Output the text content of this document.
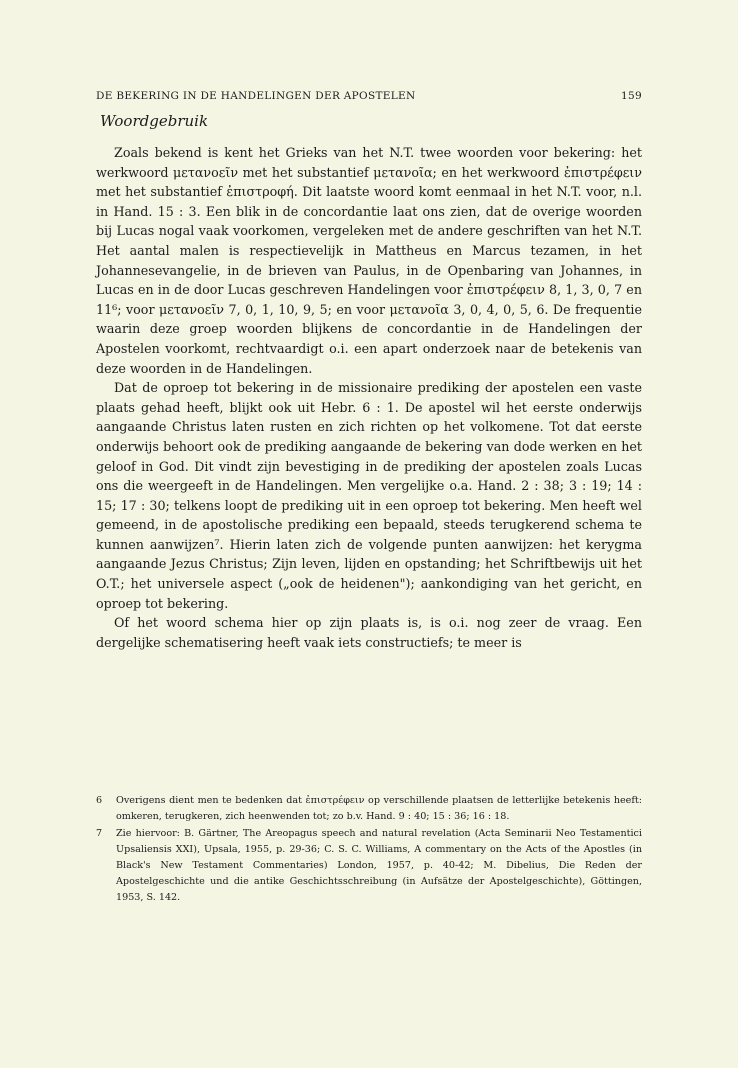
DE BEKERING IN DE HANDELINGEN DER APOSTELEN	159
Woordgebruik

Zoals bekend is kent het Grieks van het N.T. twee woorden voor bekering: het werkwoord μετανοεῖν met het substantief μετανοῖα; en het werkwoord ἐπιστρέφειν met het substantief ἐπιστροφή. Dit laatste woord komt eenmaal in het N.T. voor, n.l. in Hand. 15 : 3. Een blik in de concordantie laat ons zien, dat de overige woorden bij Lucas nogal vaak voorkomen, vergeleken met de andere geschriften van het N.T. Het aantal malen is respectievelijk in Mattheus en Marcus tezamen, in het Johannesevangelie, in de brieven van Paulus, in de Openbaring van Johannes, in Lucas en in de door Lucas geschreven Handelingen voor ἐπιστρέφειν 8, 1, 3, 0, 7 en 11⁶; voor μετανοεῖν 7, 0, 1, 10, 9, 5; en voor μετανοῖα 3, 0, 4, 0, 5, 6. De frequentie waarin deze groep woorden blijkens de concordantie in de Handelingen der Apostelen voorkomt, rechtvaardigt o.i. een apart onderzoek naar de betekenis van deze woorden in de Handelingen.

Dat de oproep tot bekering in de missionaire prediking der apostelen een vaste plaats gehad heeft, blijkt ook uit Hebr. 6 : 1. De apostel wil het eerste onderwijs aangaande Christus laten rusten en zich richten op het volkomene. Tot dat eerste onderwijs behoort ook de prediking aangaande de bekering van dode werken en het geloof in God. Dit vindt zijn bevestiging in de prediking der apostelen zoals Lucas ons die weergeeft in de Handelingen. Men vergelijke o.a. Hand. 2 : 38; 3 : 19; 14 : 15; 17 : 30; telkens loopt de prediking uit in een oproep tot bekering. Men heeft wel gemeend, in de apostolische prediking een bepaald, steeds terugkerend schema te kunnen aanwijzen⁷. Hierin laten zich de volgende punten aanwijzen: het kerygma aangaande Jezus Christus; Zijn leven, lijden en opstanding; het Schriftbewijs uit het O.T.; het universele aspect („ook de heidenen"); aankondiging van het gericht, en oproep tot bekering.

Of het woord schema hier op zijn plaats is, is o.i. nog zeer de vraag. Een dergelijke schematisering heeft vaak iets constructiefs; te meer is

6	Overigens dient men te bedenken dat ἐπιστρέφειν op verschillende plaatsen de letterlijke betekenis heeft: omkeren, terugkeren, zich heenwenden tot; zo b.v. Hand. 9 : 40; 15 : 36; 16 : 18.
7	Zie hiervoor: B. Gärtner, The Areopagus speech and natural revelation (Acta Seminarii Neo Testamentici Upsaliensis XXI), Upsala, 1955, p. 29-36; C. S. C. Williams, A commentary on the Acts of the Apostles (in Black's New Testament Commentaries) London, 1957, p. 40-42; M. Dibelius, Die Reden der Apostelgeschichte und die antike Geschichtsschreibung (in Aufsätze der Apostelgeschichte), Göttingen, 1953, S. 142.
